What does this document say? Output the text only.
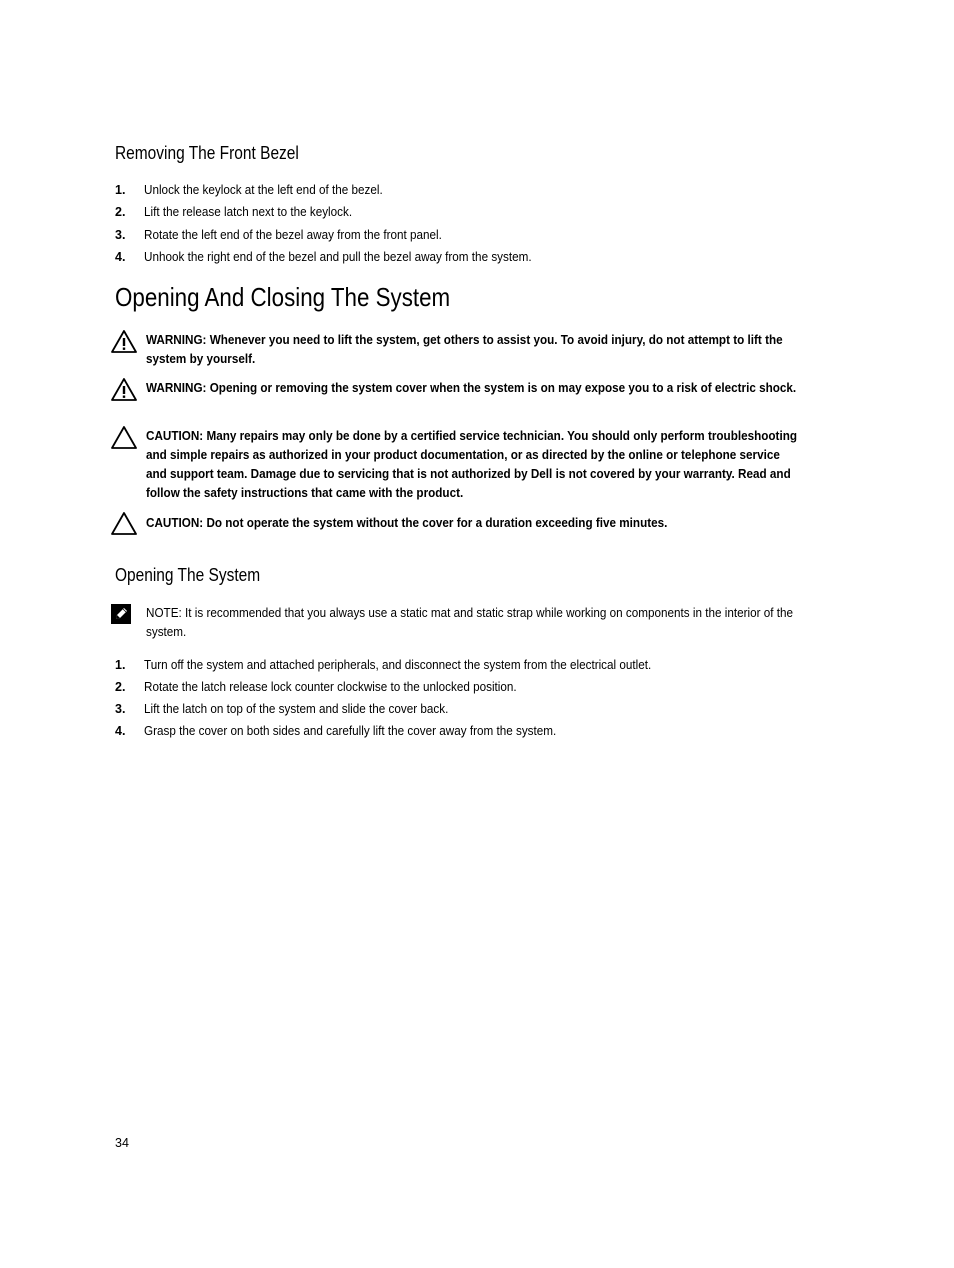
Removing The Front Bezel
1. Unlock the keylock at the left end of the bezel.
2. Lift the release latch next to the keylock.
3. Rotate the left end of the bezel away from the front panel.
4. Unhook the right end of the bezel and pull the bezel away from the system.
Opening And Closing The System
WARNING: Whenever you need to lift the system, get others to assist you. To avoid injury, do not attempt to lift the system by yourself.
WARNING: Opening or removing the system cover when the system is on may expose you to a risk of electric shock.
CAUTION: Many repairs may only be done by a certified service technician. You should only perform troubleshooting and simple repairs as authorized in your product documentation, or as directed by the online or telephone service and support team. Damage due to servicing that is not authorized by Dell is not covered by your warranty. Read and follow the safety instructions that came with the product.
CAUTION: Do not operate the system without the cover for a duration exceeding five minutes.
Opening The System
NOTE: It is recommended that you always use a static mat and static strap while working on components in the interior of the system.
1. Turn off the system and attached peripherals, and disconnect the system from the electrical outlet.
2. Rotate the latch release lock counter clockwise to the unlocked position.
3. Lift the latch on top of the system and slide the cover back.
4. Grasp the cover on both sides and carefully lift the cover away from the system.
34
